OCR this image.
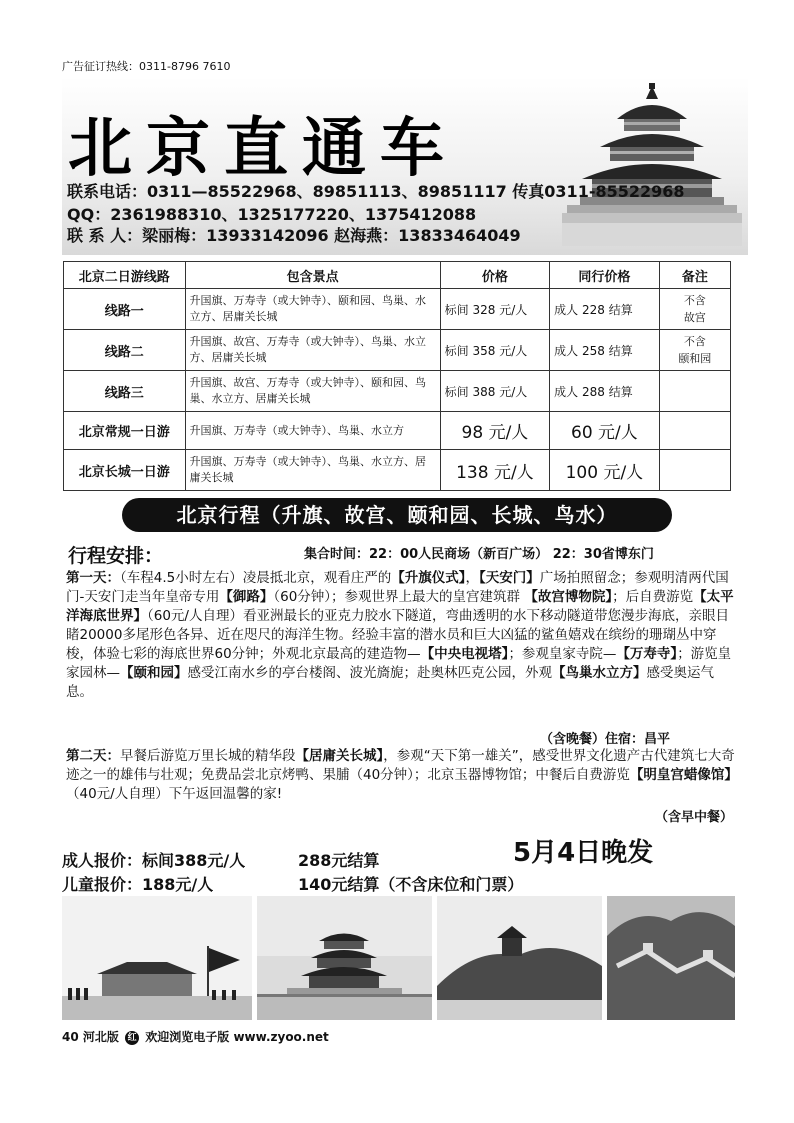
广告征订热线：0311-8796 7610
北京直通车
联系电话：0311—85522968、89851113、89851117 传真0311-85522968
QQ：2361988310、1325177220、1375412088
联 系 人：梁丽梅：13933142096 赵海燕：13833464049
北京二日游线路	包含景点	价格	同行价格	备注
线路一	升国旗、万寿寺（或大钟寺）、颐和园、鸟巢、水立方、居庸关长城	标间 328 元/人	成人 228 结算	不含
故宫
线路二	升国旗、故宫、万寿寺（或大钟寺）、鸟巢、水立方、居庸关长城	标间 358 元/人	成人 258 结算	不含
颐和园
线路三	升国旗、故宫、万寿寺（或大钟寺）、颐和园、鸟巢、水立方、居庸关长城	标间 388 元/人	成人 288 结算	
北京常规一日游	升国旗、万寿寺（或大钟寺）、鸟巢、水立方	98 元/人	60 元/人	
北京长城一日游	升国旗、万寿寺（或大钟寺）、鸟巢、水立方、居庸关长城	138 元/人	100 元/人	
北京行程（升旗、故宫、颐和园、长城、鸟水）
行程安排：	集合时间：22：00人民商场（新百广场） 22：30省博东门
第一天：（车程4.5小时左右）凌晨抵北京，观看庄严的【升旗仪式】，【天安门】广场拍照留念；参观明清两代国门-天安门走当年皇帝专用【御路】（60分钟）；参观世界上最大的皇宫建筑群 【故宫博物院】；后自费游览【太平洋海底世界】（60元/人自理）看亚洲最长的亚克力胶水下隧道，弯曲透明的水下移动隧道带您漫步海底，亲眼目睹20000多尾形色各异、近在咫尺的海洋生物。经验丰富的潜水员和巨大凶猛的鲨鱼嬉戏在缤纷的珊瑚丛中穿梭，体验七彩的海底世界60分钟；外观北京最高的建造物—【中央电视塔】；参观皇家寺院—【万寿寺】；游览皇家园林—【颐和园】感受江南水乡的亭台楼阁、波光旖旎；赴奥林匹克公园，外观【鸟巢水立方】感受奥运气息。
（含晚餐）住宿：昌平
第二天：早餐后游览万里长城的精华段【居庸关长城】，参观“天下第一雄关”，感受世界文化遗产古代建筑七大奇迹之一的雄伟与壮观；免费品尝北京烤鸭、果脯（40分钟）；北京玉器博物馆；中餐后自费游览【明皇宫蜡像馆】（40元/人自理）下午返回温馨的家!
（含早中餐）
成人报价：标间388元/人	288元结算
儿童报价：188元/人	140元结算（不含床位和门票）
5月4日晚发
40 河北版 红 欢迎浏览电子版 www.zyoo.net
